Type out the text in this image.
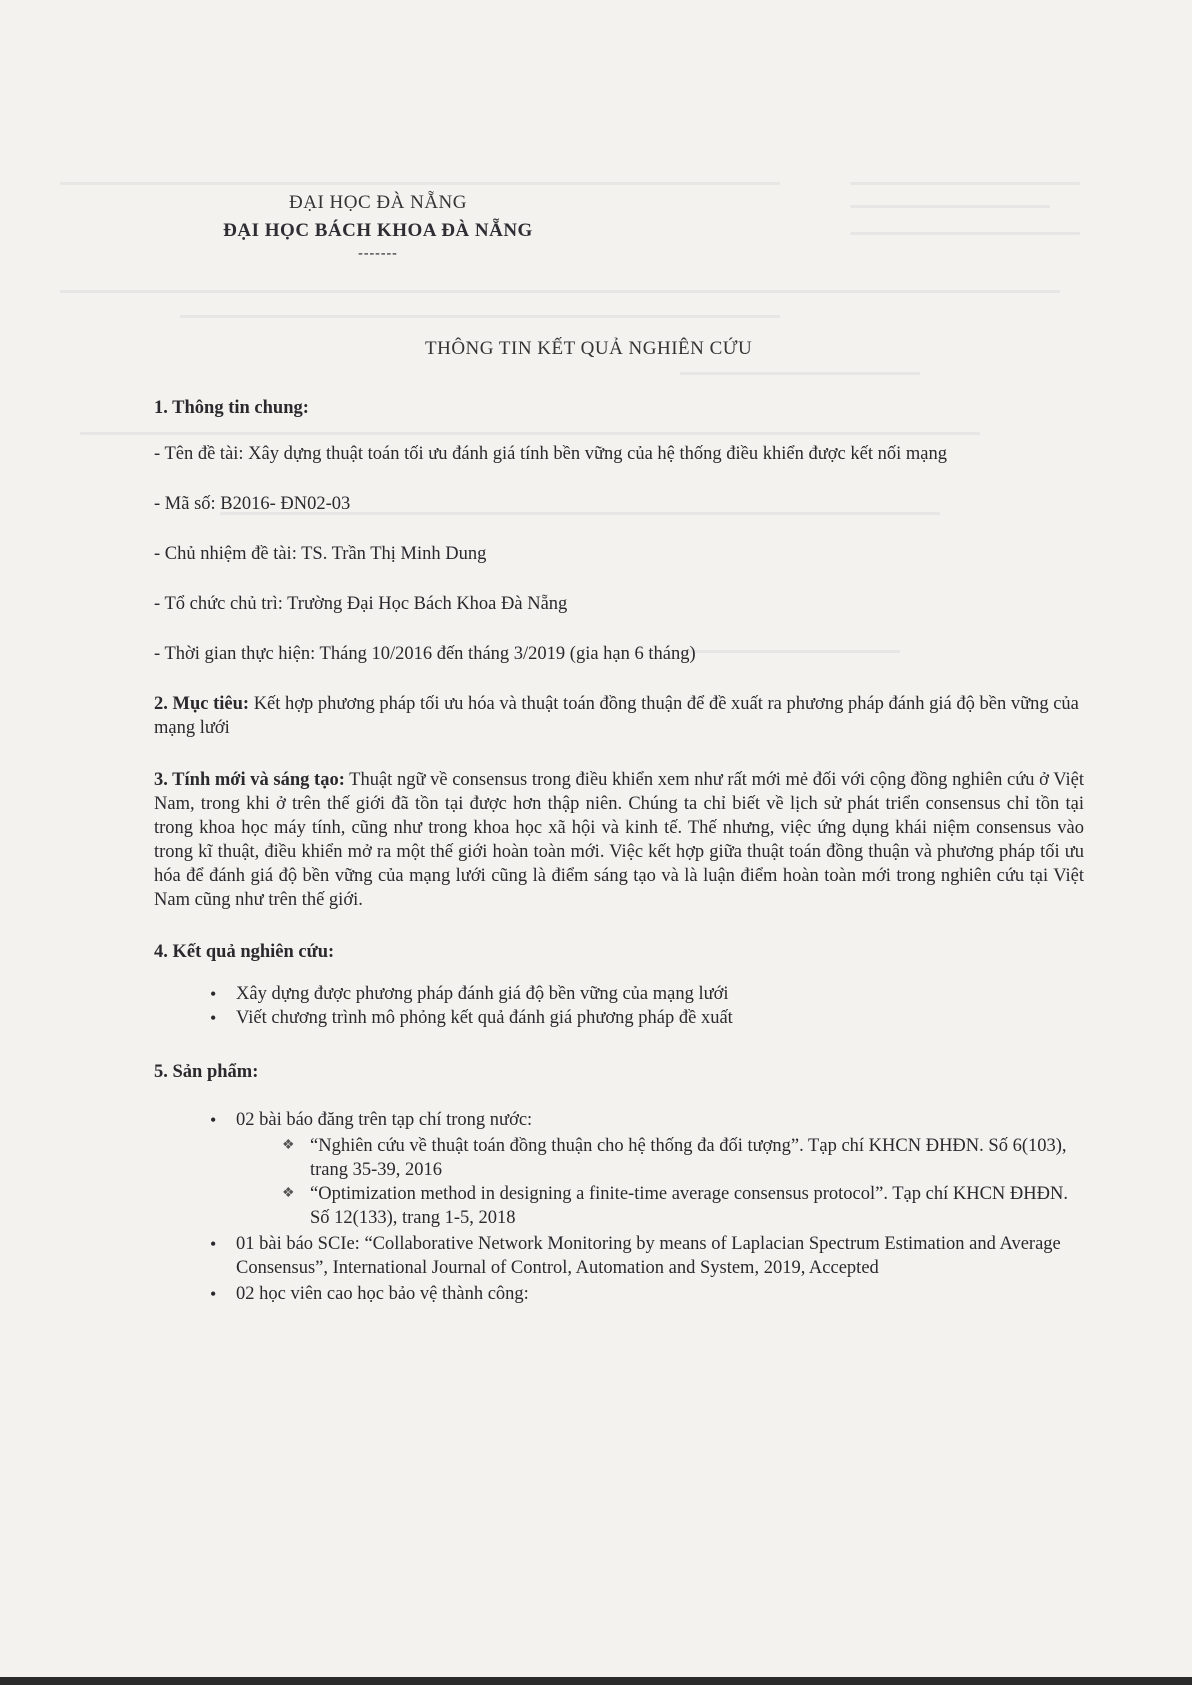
ĐẠI HỌC ĐÀ NẴNG
ĐẠI HỌC BÁCH KHOA ĐÀ NẴNG
-------
THÔNG TIN KẾT QUẢ NGHIÊN CỨU

1. Thông tin chung:

- Tên đề tài: Xây dựng thuật toán tối ưu đánh giá tính bền vững của hệ thống điều khiển được kết nối mạng

- Mã số: B2016- ĐN02-03

- Chủ nhiệm đề tài: TS. Trần Thị Minh Dung

- Tổ chức chủ trì: Trường Đại Học Bách Khoa Đà Nẵng

- Thời gian thực hiện: Tháng 10/2016 đến tháng 3/2019 (gia hạn 6 tháng)

2. Mục tiêu: Kết hợp phương pháp tối ưu hóa và thuật toán đồng thuận để đề xuất ra phương pháp đánh giá độ bền vững của mạng lưới

3. Tính mới và sáng tạo: Thuật ngữ về consensus trong điều khiển xem như rất mới mẻ đối với cộng đồng nghiên cứu ở Việt Nam, trong khi ở trên thế giới đã tồn tại được hơn thập niên. Chúng ta chỉ biết về lịch sử phát triển consensus chỉ tồn tại trong khoa học máy tính, cũng như trong khoa học xã hội và kinh tế. Thế nhưng, việc ứng dụng khái niệm consensus vào trong kĩ thuật, điều khiển mở ra một thế giới hoàn toàn mới. Việc kết hợp giữa thuật toán đồng thuận và phương pháp tối ưu hóa để đánh giá độ bền vững của mạng lưới cũng là điểm sáng tạo và là luận điểm hoàn toàn mới trong nghiên cứu tại Việt Nam cũng như trên thế giới.

4. Kết quả nghiên cứu:

• Xây dựng được phương pháp đánh giá độ bền vững của mạng lưới
• Viết chương trình mô phỏng kết quả đánh giá phương pháp đề xuất

5. Sản phẩm:

• 02 bài báo đăng trên tạp chí trong nước:
❖ “Nghiên cứu về thuật toán đồng thuận cho hệ thống đa đối tượng”. Tạp chí KHCN ĐHĐN. Số 6(103), trang 35-39, 2016
❖ “Optimization method in designing a finite-time average consensus protocol”. Tạp chí KHCN ĐHĐN. Số 12(133), trang 1-5, 2018
• 01 bài báo SCIe: “Collaborative Network Monitoring by means of Laplacian Spectrum Estimation and Average Consensus”, International Journal of Control, Automation and System, 2019, Accepted
• 02 học viên cao học bảo vệ thành công:
